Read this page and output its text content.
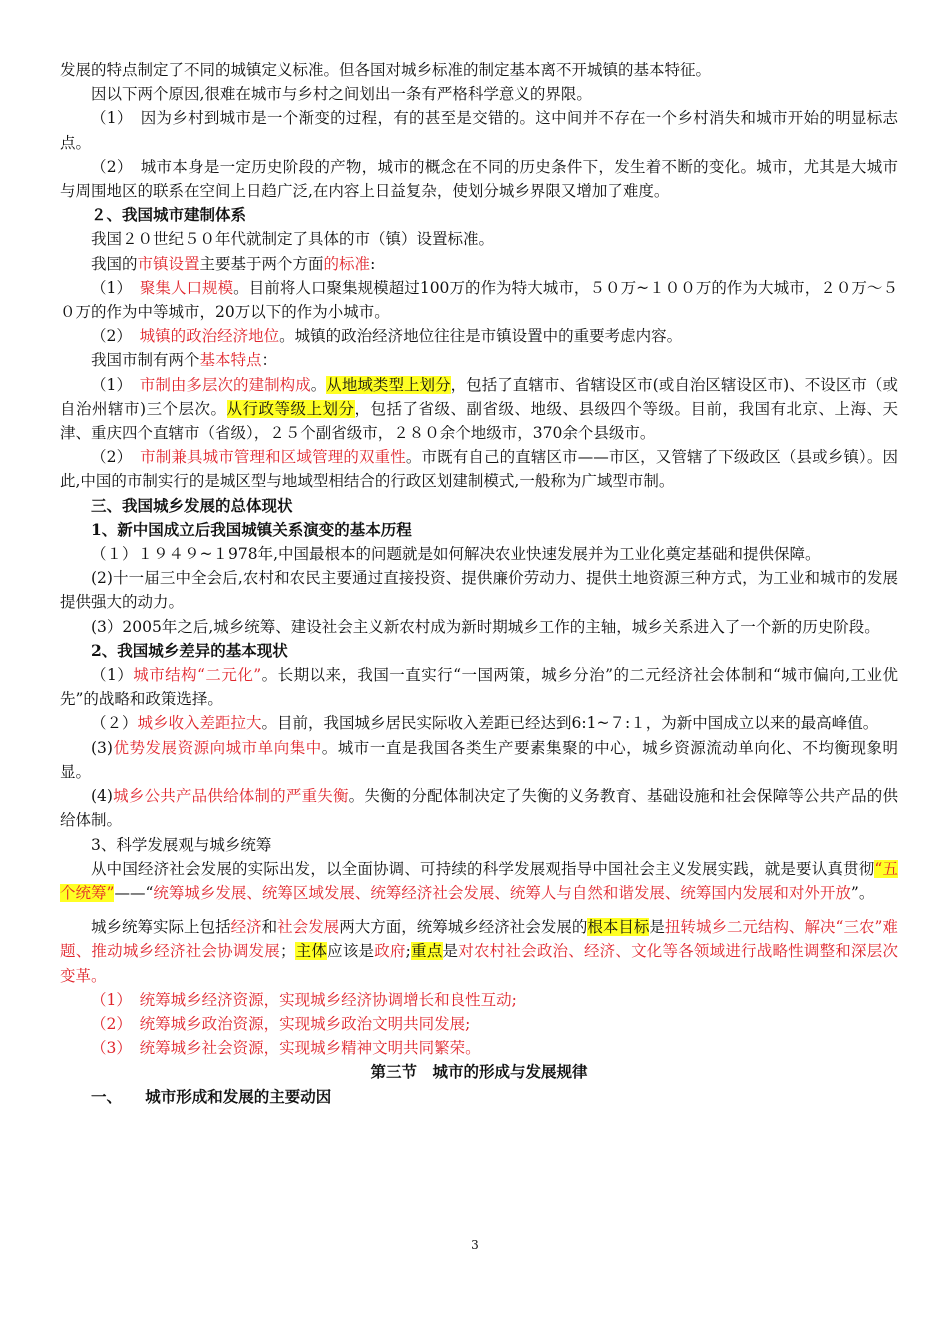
发展的特点制定了不同的城镇定义标准。但各国对城乡标准的制定基本离不开城镇的基本特征。

因以下两个原因,很难在城市与乡村之间划出一条有严格科学意义的界限。

（1）　因为乡村到城市是一个渐变的过程，有的甚至是交错的。这中间并不存在一个乡村消失和城市开始的明显标志点。

（2）　城市本身是一定历史阶段的产物，城市的概念在不同的历史条件下，发生着不断的变化。城市，尤其是大城市与周围地区的联系在空间上日趋广泛,在内容上日益复杂，使划分城乡界限又增加了难度。

２、我国城市建制体系

我国２０世纪５０年代就制定了具体的市（镇）设置标准。

我国的市镇设置主要基于两个方面的标准:

（1）　聚集人口规模。目前将人口聚集规模超过100万的作为特大城市，５０万~１００万的作为大城市，２０万～５０万的作为中等城市，20万以下的作为小城市。

（2）　城镇的政治经济地位。城镇的政治经济地位往往是市镇设置中的重要考虑内容。

我国市制有两个基本特点：

（1）　市制由多层次的建制构成。从地域类型上划分，包括了直辖市、省辖设区市(或自治区辖设区市)、不设区市（或自治州辖市)三个层次。从行政等级上划分，包括了省级、副省级、地级、县级四个等级。目前，我国有北京、上海、天津、重庆四个直辖市（省级），２５个副省级市，２８０余个地级市，370余个县级市。

（2）　市制兼具城市管理和区域管理的双重性。市既有自己的直辖区市——市区，又管辖了下级政区（县或乡镇）。因此,中国的市制实行的是城区型与地域型相结合的行政区划建制模式,一般称为广域型市制。

三、我国城乡发展的总体现状

1、新中国成立后我国城镇关系演变的基本历程

（１）１９４９~１978年,中国最根本的问题就是如何解决农业快速发展并为工业化奠定基础和提供保障。

(2)十一届三中全会后,农村和农民主要通过直接投资、提供廉价劳动力、提供土地资源三种方式，为工业和城市的发展提供强大的动力。

(3）2005年之后,城乡统筹、建设社会主义新农村成为新时期城乡工作的主轴，城乡关系进入了一个新的历史阶段。

2、我国城乡差异的基本现状

（1）城市结构“二元化”。长期以来，我国一直实行“一国两策，城乡分治”的二元经济社会体制和“城市偏向,工业优先”的战略和政策选择。

（２）城乡收入差距拉大。目前，我国城乡居民实际收入差距已经达到6:1~７:１，为新中国成立以来的最高峰值。

(3)优势发展资源向城市单向集中。城市一直是我国各类生产要素集聚的中心，城乡资源流动单向化、不均衡现象明显。

(4)城乡公共产品供给体制的严重失衡。失衡的分配体制决定了失衡的义务教育、基础设施和社会保障等公共产品的供给体制。

3、科学发展观与城乡统筹

从中国经济社会发展的实际出发，以全面协调、可持续的科学发展观指导中国社会主义发展实践，就是要认真贯彻“五个统筹”——“统筹城乡发展、统筹区域发展、统筹经济社会发展、统筹人与自然和谐发展、统筹国内发展和对外开放”。

城乡统筹实际上包括经济和社会发展两大方面，统筹城乡经济社会发展的根本目标是扭转城乡二元结构、解决“三农”难题、推动城乡经济社会协调发展；主体应该是政府;重点是对农村社会政治、经济、文化等各领域进行战略性调整和深层次变革。

（1）　统筹城乡经济资源，实现城乡经济协调增长和良性互动;

（2）　统筹城乡政治资源，实现城乡政治文明共同发展;

（3）　统筹城乡社会资源，实现城乡精神文明共同繁荣。

第三节　城市的形成与发展规律

一、　　城市形成和发展的主要动因

3
